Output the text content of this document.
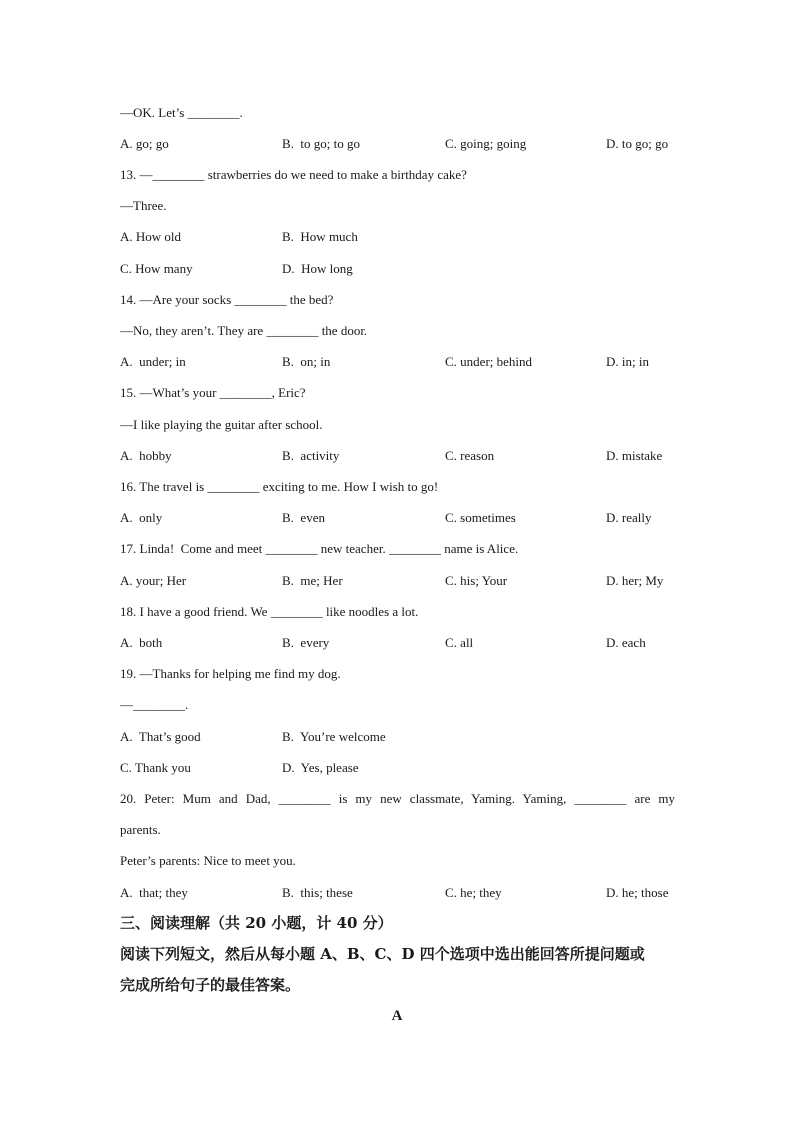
—OK. Let’s ________.
A. go; go	B.  to go; to go	C. going; going	D. to go; go
13. —________ strawberries do we need to make a birthday cake?
—Three.
A. How old	B.  How much
C. How many	D.  How long
14. —Are your socks ________ the bed?
—No, they aren’t. They are ________ the door.
A.  under; in	B.  on; in	C. under; behind	D. in; in
15. —What’s your ________, Eric?
—I like playing the guitar after school.
A.  hobby	B.  activity	C. reason	D. mistake
16. The travel is ________ exciting to me. How I wish to go!
A.  only	B.  even	C. sometimes	D. really
17. Linda!  Come and meet ________ new teacher. ________ name is Alice.
A. your; Her	B.  me; Her	C. his; Your	D. her; My
18. I have a good friend. We ________ like noodles a lot.
A.  both	B.  every	C. all	D. each
19. —Thanks for helping me find my dog.
—________.
A.  That’s good	B.  You’re welcome
C. Thank you	D.  Yes, please
20. Peter: Mum and Dad, ________ is my new classmate, Yaming. Yaming, ________ are my
parents.
Peter’s parents: Nice to meet you.
A.  that; they	B.  this; these	C. he; they	D. he; those
三、阅读理解（共 20 小题，计 40 分）
阅读下列短文，然后从每小题 A、B、C、D 四个选项中选出能回答所提问题或
完成所给句子的最佳答案。
A
